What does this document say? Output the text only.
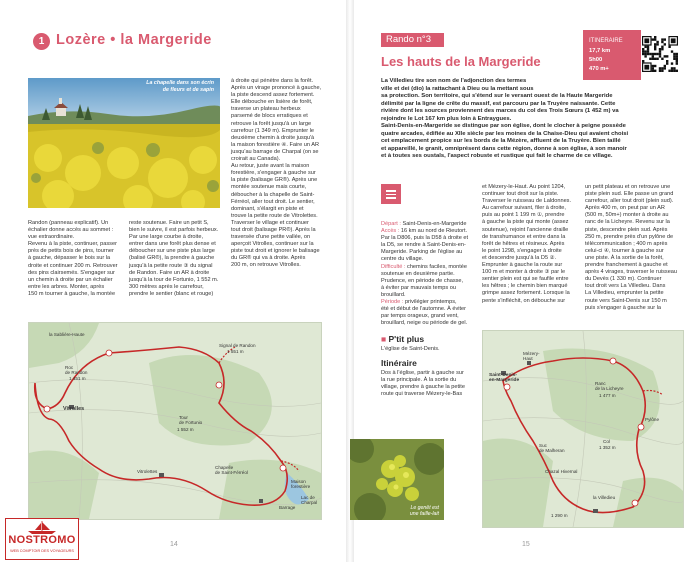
1 Lozère • la Margeride
La chapelle dans son écrin
de fleurs et de sapin

Randon (panneau explicatif). Un

échalier donne accès au sommet :

vue extraordinaire.

Revenu à la piste, continuer, passer

près de petits bois de pins, tourner

à gauche, dépasser le bois sur la

droite et continuer 200 m. Retrouver

des pins clairsemés. S'engager sur

un chemin à droite par un échalier

entre les arbres. Monter, après

150 m tourner à gauche, la montée

reste soutenue. Faire un petit S,

bien le suivre, il est parfois herbeux.

Par une large courbe à droite,

entrer dans une forêt plus dense et

déboucher sur une piste plus large

(balisé GR®), la prendre à gauche

jusqu'à la petite route ③ du signal

de Randon. Faire un AR à droite

jusqu'à la tour de Fortunio, 1 552 m.

300 mètres après le carrefour,

prendre le sentier (blanc et rouge)

à droite qui pénètre dans la forêt.

Après un virage prononcé à gauche,

la piste descend assez fortement.

Elle débouche en lisière de forêt,

traverse un plateau herbeux

parsemé de blocs erratiques et

retrouve la forêt jusqu'à un large

carrefour (1 349 m). Emprunter le

deuxième chemin à droite jusqu'à

la maison forestière ④. Faire un AR

jusqu'au barrage de Charpal (on se

croirait au Canada).

Au retour, juste avant la maison

forestière, s'engager à gauche sur

la piste (balisage GR®). Après une

montée soutenue mais courte,

déboucher à la chapelle de Saint-

Férréol, aller tout droit. Le sentier,

dominant, s'élargit en piste et

trouve la petite route de Vitrolettes.

Traverser le village et continuer

tout droit (balisage PR®). Après la

traversée d'une petite vallée, on

aperçoit Vitrolles, continuer sur la

piste tout droit et ignorer le balisage

du GR® qui va à droite. Après

200 m, on retrouve Vitrolles.

la Sablière-Haute
Roc
de Randon
1 451 m
Signal de Randon
1 551 m
Vitrolles
Tour
de Fortunio
1 552 m
Vitrolettes
Chapelle
de Saint-Férréol
Maison
forestière
Barrage
Lac de
Charpal
14
NOSTROMO
WEB COMPTOIR DES VOYAGEURS
Rando n°3
Les hauts de la Margeride
ITINÉRAIRE
17,7 km
5h00
470 m+

La Villedieu tire son nom de l'adjonction des termes

ville et dei (dio) la rattachant à Dieu ou la mettant sous

sa protection. Son territoire, qui s'étend sur le versant ouest de la Haute Margeride

délimité par la ligne de crête du massif, est parcouru par la Truyère naissante. Cette

rivière dont les sources proviennent des marces du col des Trois Sœurs (1 452 m) va

rejoindre le Lot 167 km plus loin à Entraygues.

Saint-Denis-en-Margeride se distingue par son église, dont le clocher à peigne possède

quatre arcades, édifiée au XIIe siècle par les moines de la Chaise-Dieu qui avaient choisi

cet emplacement propice sur les bords de la Mézère, affluent de la Truyère. Bien taillé

et appareillé, le granit, omniprésent dans cette région, donne à son église, à son manoir

et à toutes ses oustals, l'aspect robuste et rustique qui fait le charme de ce village.

Départ : Saint-Denis-en-Margeride

Accès : 16 km au nord de Rieutort.

Par la D806, puis la D58 à droite et

la D5, se rendre à Saint-Denis-en-

Margeride. Parking de l'église au

centre du village.

Difficulté : chemins faciles, montée

soutenue en deuxième partie.

Prudence, en période de chasse,

à éviter par mauvais temps ou

brouillard.

Période : privilégier printemps,

été et début de l'automne. À éviter

par temps orageux, grand vent,

brouillard, neige ou période de gel.

■ P'tit plus
L'église de Saint-Denis.
Itinéraire

Dos à l'église, partir à gauche sur

la rue principale. À la sortie du

village, prendre à gauche la petite

route qui traverse Mézery-le-Bas

Le genêt est
une faille-lait

et Mézery-le-Haut. Au point 1204,

continuer tout droit sur la piste.

Traverser le ruisseau de Laldonnes.

Au carrefour suivant, filer à droite,

puis au point 1 199 m ①, prendre

à gauche la piste qui monte (assez

soutenue), rejoint l'ancienne draille

de transhumance et entre dans la

forêt de hêtres et résineux. Après

le point 1298, s'engager à droite

et descendre jusqu'à la D5 ②.

Emprunter à gauche la route sur

100 m et monter à droite ③ par le

sentier plein est qui se faufile entre

les hêtres ; le chemin bien marqué

grimpe assez fortement. Lorsque la

pente s'infléchit, on débouche sur

un petit plateau et on retrouve une

piste plein sud. Elle passe un grand

carrefour, aller tout droit (plein sud).

Après 400 m, on peut par un AR

(500 m, 50m+) monter à droite au

ranc de la Licheyre. Revenu sur la

piste, descendre plein sud. Après

250 m, prendre près d'un pylône de

télécommunication ; 400 m après

celui-ci ④, tourner à gauche sur

une piste. À la sortie de la forêt,

prendre franchement à gauche et

après 4 virages, traverser le ruisseau

du Devès (1 330 m). Continuer

tout droit vers La Villedieu. Dans

La Villedieu, emprunter la petite

route vers Saint-Denis sur 150 m

puis s'engager à gauche sur la

Mézery-
Haut
Saint-Denis-
en-Margeride
Ranc
de la Licheyre
1 477 m
Pylône
Col
1 352 m
Suc
de Malheran
Chazal Hivernal
la Villedieu
1 290 m
15
